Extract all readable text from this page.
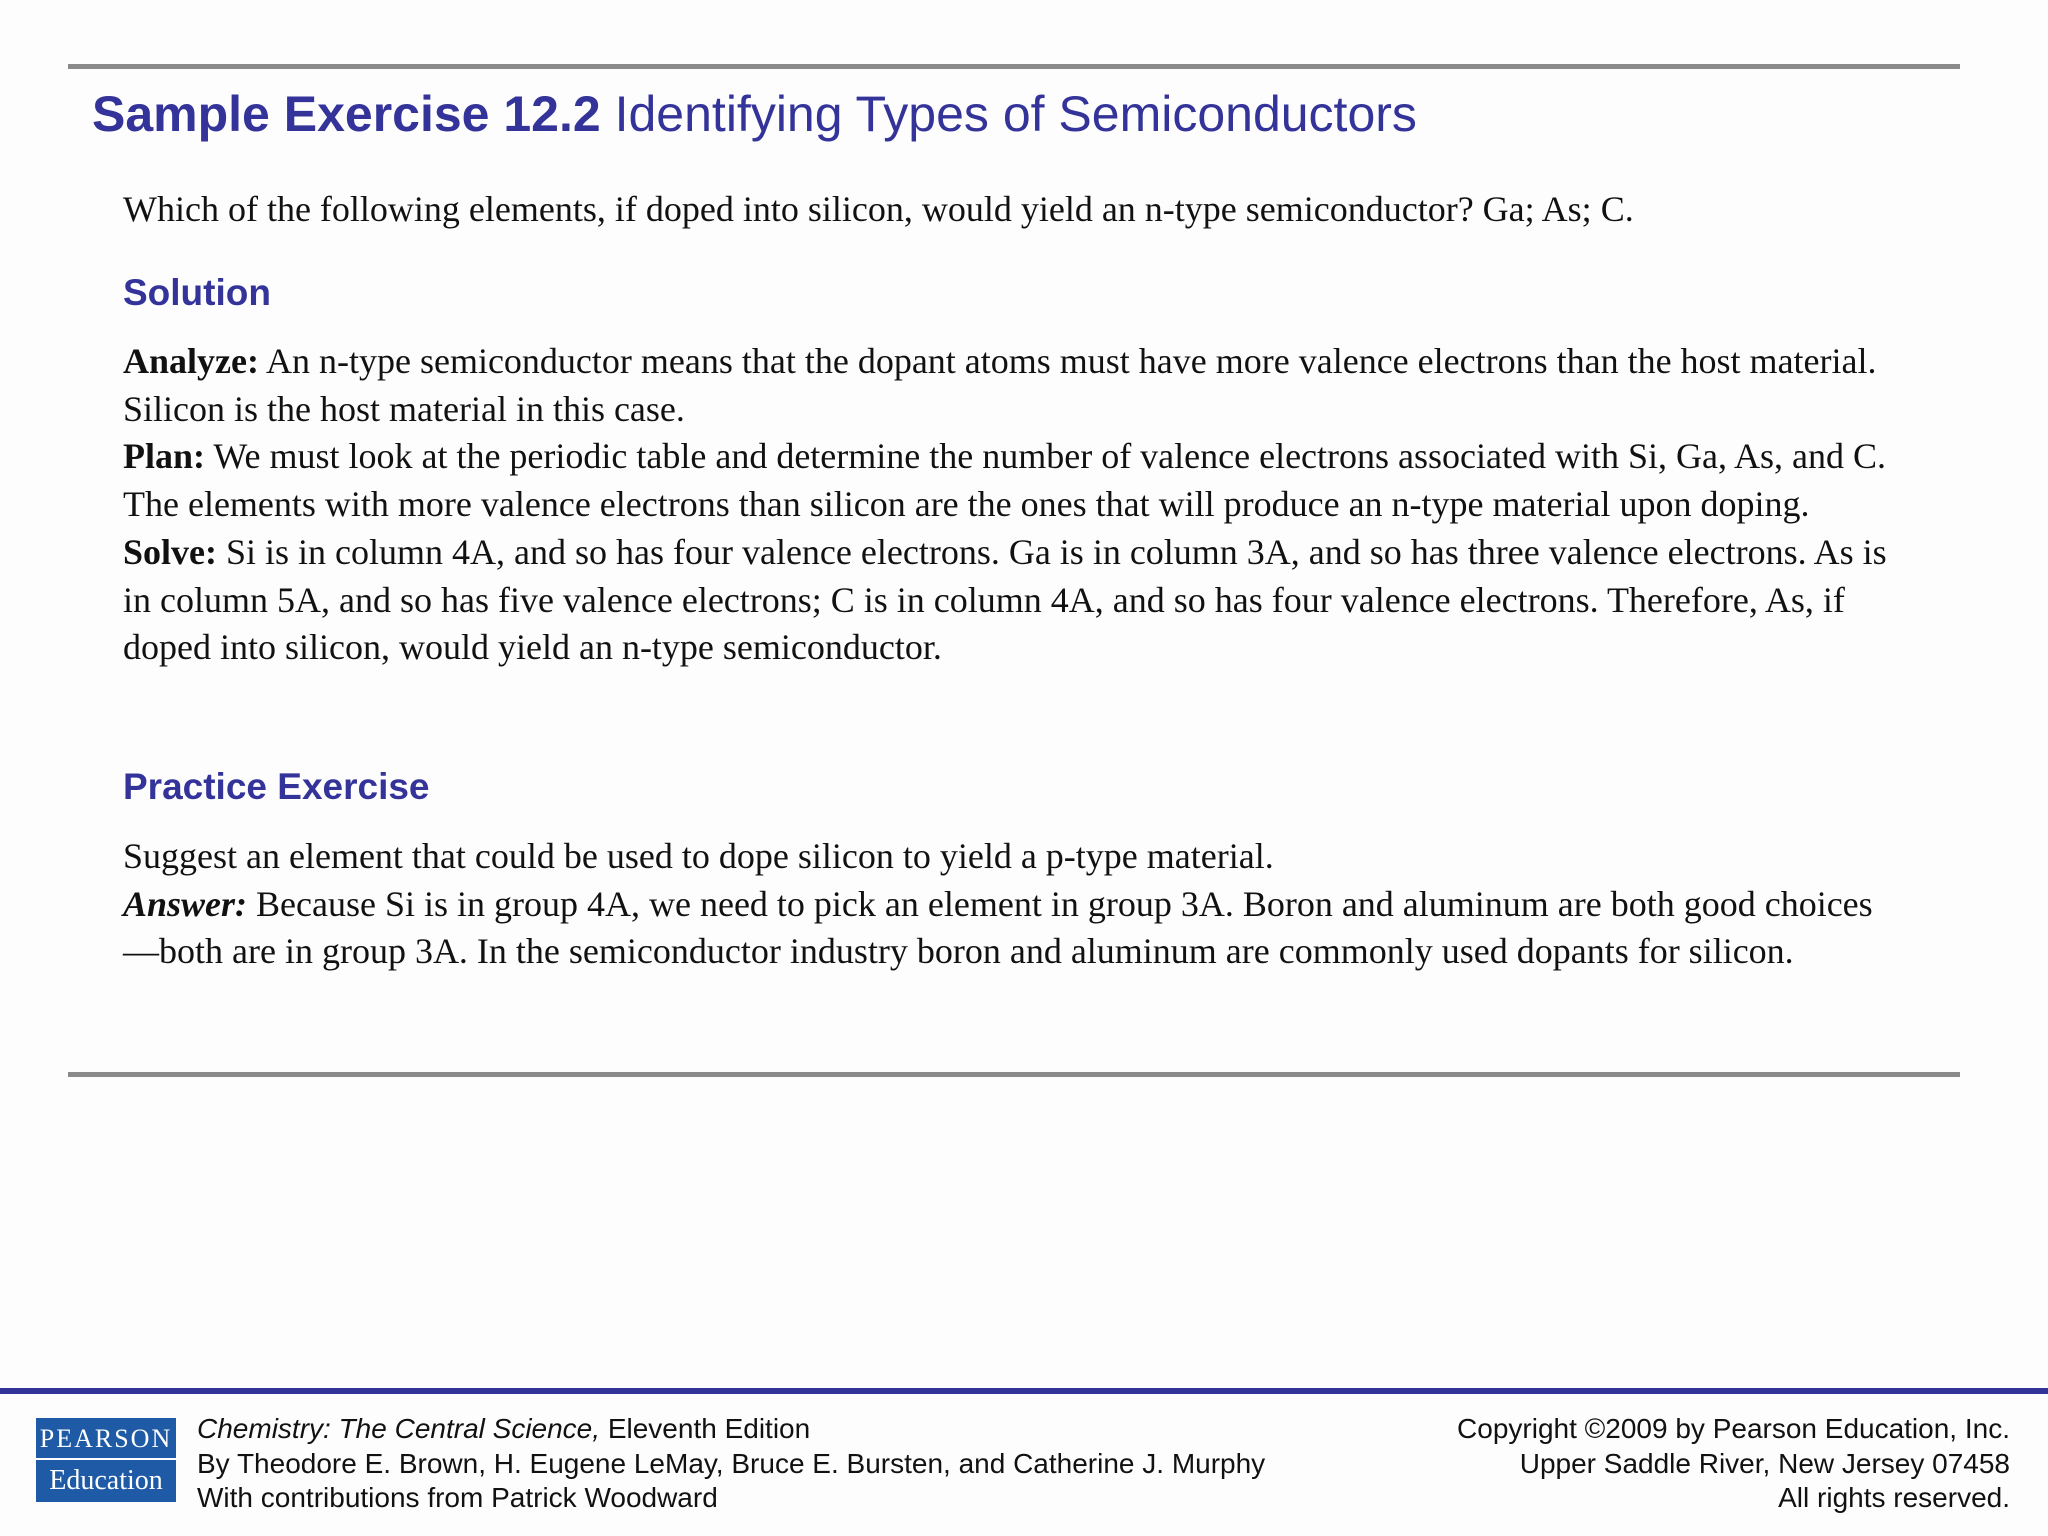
Sample Exercise 12.2 Identifying Types of Semiconductors
Which of the following elements, if doped into silicon, would yield an n-type semiconductor? Ga; As; C.
Solution

Analyze: An n-type semiconductor means that the dopant atoms must have more valence electrons than the host material. Silicon is the host material in this case.

Plan: We must look at the periodic table and determine the number of valence electrons associated with Si, Ga, As, and C. The elements with more valence electrons than silicon are the ones that will produce an n-type material upon doping.

Solve: Si is in column 4A, and so has four valence electrons. Ga is in column 3A, and so has three valence electrons. As is in column 5A, and so has five valence electrons; C is in column 4A, and so has four valence electrons. Therefore, As, if doped into silicon, would yield an n-type semiconductor.

Practice Exercise

Suggest an element that could be used to dope silicon to yield a p-type material.

Answer: Because Si is in group 4A, we need to pick an element in group 3A. Boron and aluminum are both good choices—both are in group 3A. In the semiconductor industry boron and aluminum are commonly used dopants for silicon.

PEARSON
Education
Chemistry: The Central Science, Eleventh Edition
By Theodore E. Brown, H. Eugene LeMay, Bruce E. Bursten, and Catherine J. Murphy
With contributions from Patrick Woodward
Copyright ©2009 by Pearson Education, Inc.
Upper Saddle River, New Jersey 07458
All rights reserved.
